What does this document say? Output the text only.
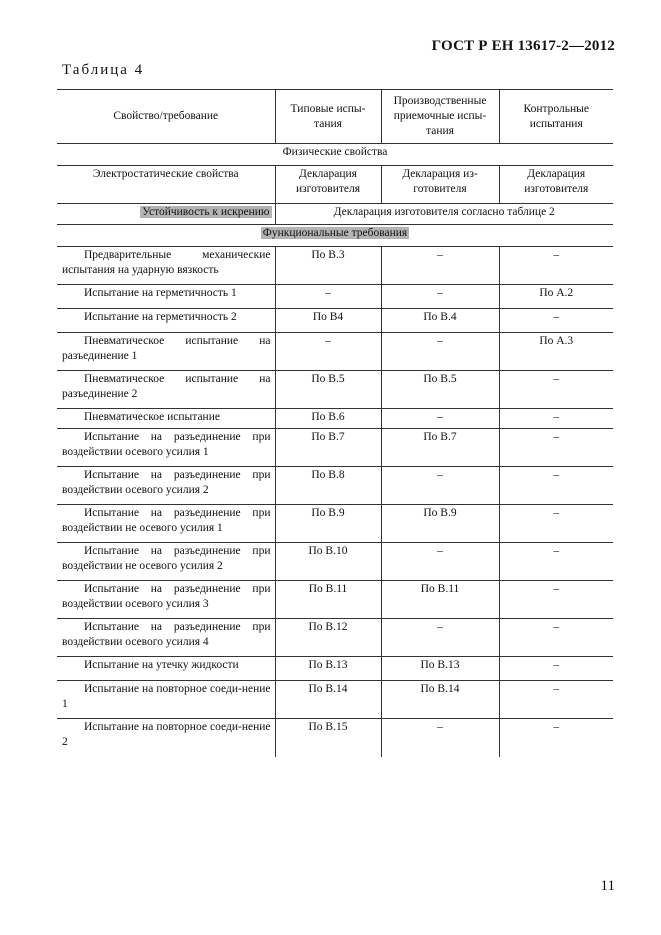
ГОСТ Р ЕН 13617-2—2012
Таблица 4
Свойство/требование	Типовые испы-тания	Производственные приемочные испы-тания	Контрольные испытания
Физические свойства			
Электростатические свойства	Декларация изготовителя	Декларация из-готовителя	Декларация изготовителя
Устойчивость к искрению	Декларация изготовителя согласно таблице 2		
Функциональные требования			
Предварительные механические испытания на ударную вязкость	По В.3	–	–
Испытание на герметичность 1	–	–	По А.2
Испытание на герметичность 2	По В4	По В.4	–
Пневматическое испытание на разъединение 1	–	–	По А.3
Пневматическое испытание на разъединение 2	По В.5	По В.5	–
Пневматическое испытание	По В.6	–	–
Испытание на разъединение при воздействии осевого усилия 1	По В.7	По В.7	–
Испытание на разъединение при воздействии осевого усилия 2	По В.8	–	–
Испытание на разъединение при воздействии не осевого усилия 1	По В.9	По В.9	–
Испытание на разъединение при воздействии не осевого усилия 2	По В.10	–	–
Испытание на разъединение при воздействии осевого усилия 3	По В.11	По В.11	–
Испытание на разъединение при воздействии осевого усилия 4	По В.12	–	–
Испытание на утечку жидкости	По В.13	По В.13	–
Испытание на повторное соеди-нение 1	По В.14	По В.14	–
Испытание на повторное соеди-нение 2	По В.15	–	–
11
